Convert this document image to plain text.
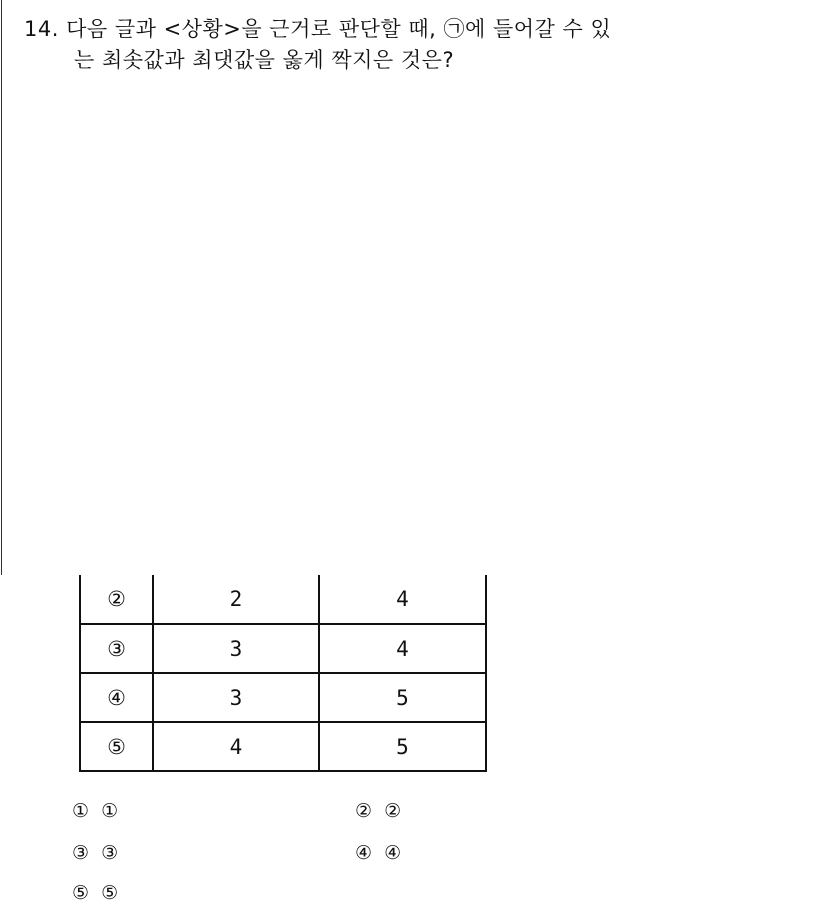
14. 다음 글과 <상황>을 근거로 판단할 때, ㉠에 들어갈 수 있
는 최솟값과 최댓값을 옳게 짝지은 것은?
②	2	4
③	3	4
④	3	5
⑤	4	5
① ①	② ②
③ ③	④ ④
⑤ ⑤
